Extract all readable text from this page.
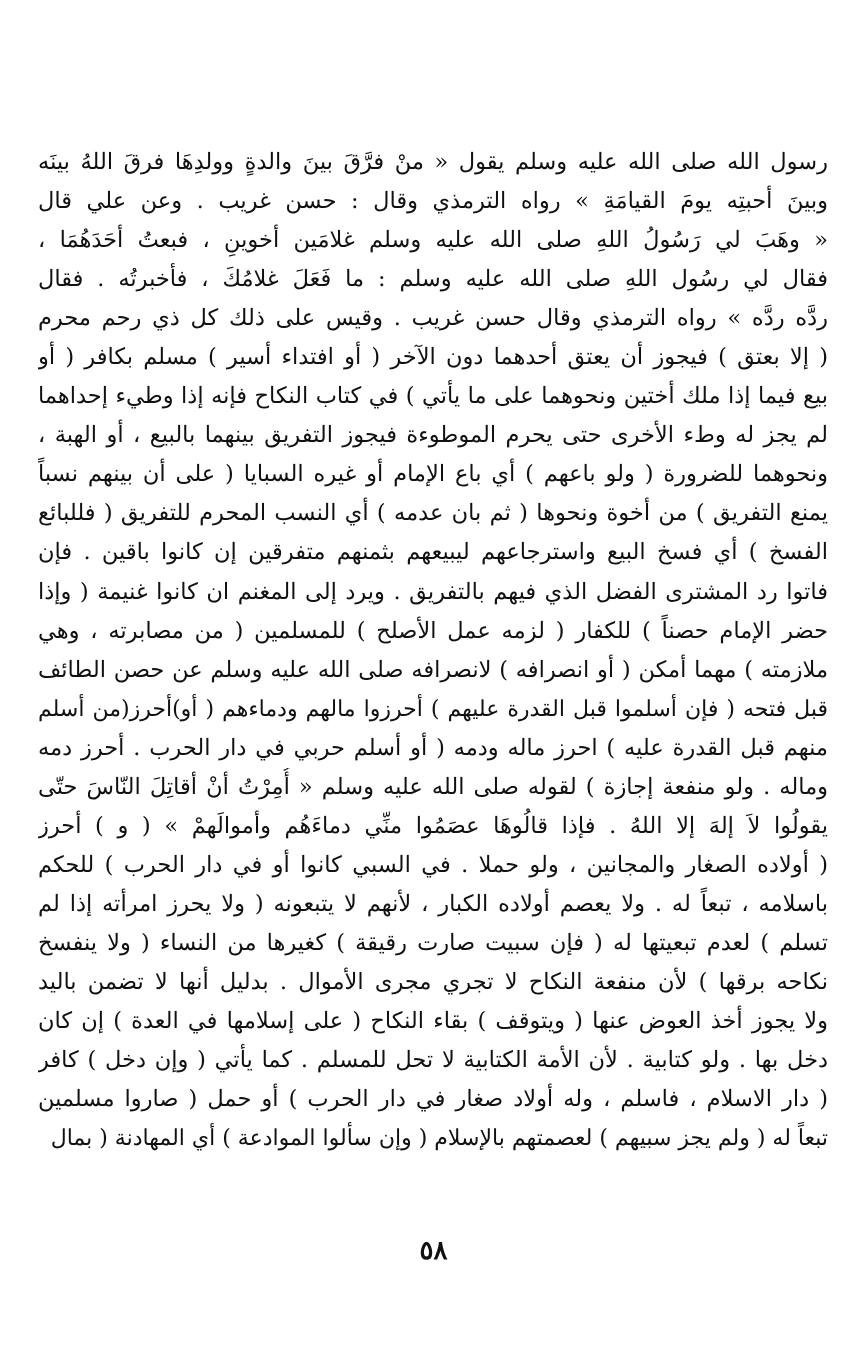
رسول الله صلى الله عليه وسلم يقول « منْ فرَّقَ بينَ والدةٍ وولدِهَا فرقَ اللهُ بينَه
وبينَ أحبتِه يومَ القيامَةِ » رواه الترمذي وقال : حسن غريب . وعن علي قال
« وهَبَ لي رَسُولُ اللهِ صلى الله عليه وسلم غلامَين أخوينِ ، فبعتُ أحَدَهُمَا ،
فقال لي رسُول اللهِ صلى الله عليه وسلم : ما فَعَلَ غلامُكَ ، فأخبرتُه . فقال
ردَّه ردَّه » رواه الترمذي وقال حسن غريب . وقيس على ذلك كل ذي رحم محرم
( إلا بعتق ) فيجوز أن يعتق أحدهما دون الآخر ( أو افتداء أسير ) مسلم بكافر ( أو
بيع فيما إذا ملك أختين ونحوهما على ما يأتي ) في كتاب النكاح فإنه إذا وطيء إحداهما
لم يجز له وطء الأخرى حتى يحرم الموطوءة فيجوز التفريق بينهما بالبيع ، أو الهبة ،
ونحوهما للضرورة ( ولو باعهم ) أي باع الإمام أو غيره السبايا ( على أن بينهم نسباً
يمنع التفريق ) من أخوة ونحوها ( ثم بان عدمه ) أي النسب المحرم للتفريق ( فللبائع
الفسخ ) أي فسخ البيع واسترجاعهم ليبيعهم بثمنهم متفرقين إن كانوا باقين . فإن
فاتوا رد المشترى الفضل الذي فيهم بالتفريق . ويرد إلى المغنم ان كانوا غنيمة ( وإذا
حضر الإمام حصناً ) للكفار ( لزمه عمل الأصلح ) للمسلمين ( من مصابرته ، وهي
ملازمته ) مهما أمكن ( أو انصرافه ) لانصرافه صلى الله عليه وسلم عن حصن الطائف
قبل فتحه ( فإن أسلموا قبل القدرة عليهم ) أحرزوا مالهم ودماءهم ( أو)أحرز(من أسلم
منهم قبل القدرة عليه ) احرز ماله ودمه ( أو أسلم حربي في دار الحرب . أحرز دمه
وماله . ولو منفعة إجازة ) لقوله صلى الله عليه وسلم « أُمِرْتُ أنْ أقاتِلَ النّاسَ حتّى
يقولُوا لاَ إلهَ إلا اللهُ . فإذا قالُوهَا عصَمُوا منِّي دماءَهُم وأموالَهمْ » ( و ) أحرز
( أولاده الصغار والمجانين ، ولو حملا . في السبي كانوا أو في دار الحرب ) للحكم
باسلامه ، تبعاً له . ولا يعصم أولاده الكبار ، لأنهم لا يتبعونه ( ولا يحرز امرأته إذا لم
تسلم ) لعدم تبعيتها له ( فإن سبيت صارت رقيقة ) كغيرها من النساء ( ولا ينفسخ
نكاحه برقها ) لأن منفعة النكاح لا تجري مجرى الأموال . بدليل أنها لا تضمن باليد
ولا يجوز أخذ العوض عنها ( ويتوقف ) بقاء النكاح ( على إسلامها في العدة ) إن كان
دخل بها . ولو كتابية . لأن الأمة الكتابية لا تحل للمسلم . كما يأتي ( وإن دخل ) كافر
( دار الاسلام ، فاسلم ، وله أولاد صغار في دار الحرب ) أو حمل ( صاروا مسلمين
تبعاً له ( ولم يجز سبيهم ) لعصمتهم بالإسلام ( وإن سألوا الموادعة ) أي المهادنة ( بمال
٥٨
